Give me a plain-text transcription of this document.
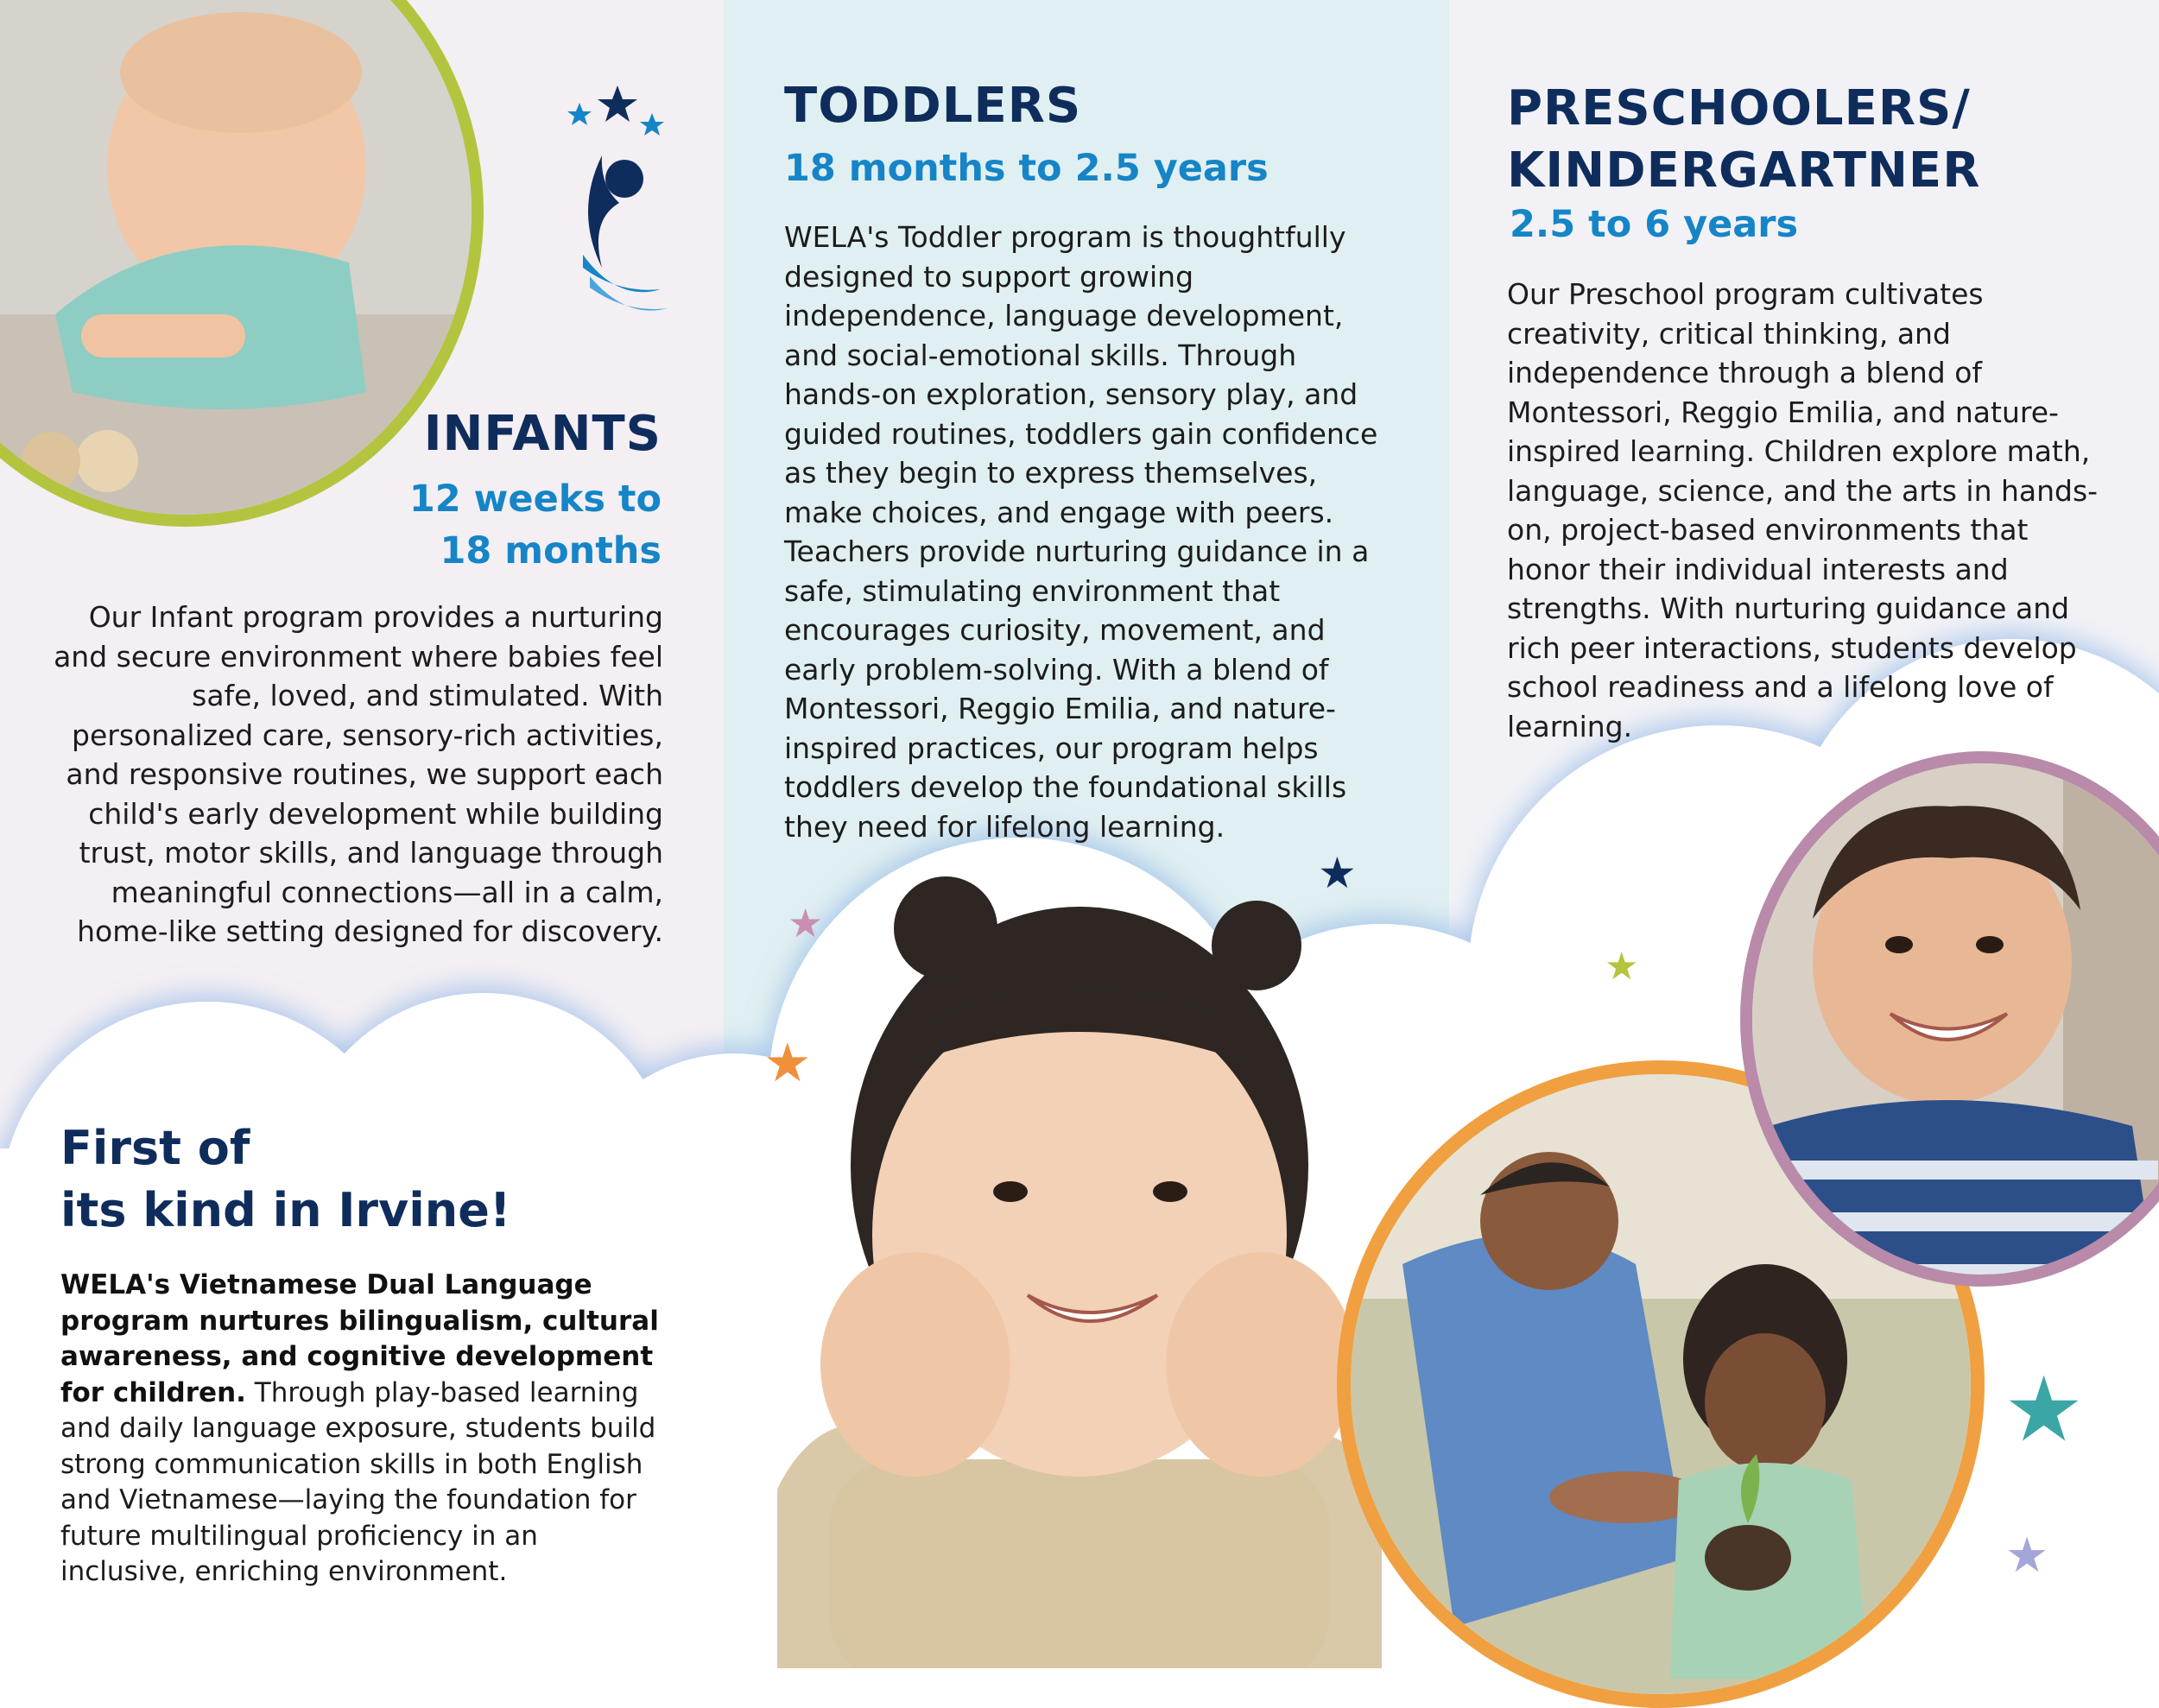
INFANTS
12 weeks to
18 months

Our Infant program provides a nurturing and secure environment where babies feel safe, loved, and stimulated. With personalized care, sensory-rich activities, and responsive routines, we support each child's early development while building trust, motor skills, and language through meaningful connections—all in a calm, home-like setting designed for discovery.

TODDLERS
18 months to 2.5 years

WELA's Toddler program is thoughtfully designed to support growing independence, language development, and social-emotional skills. Through hands-on exploration, sensory play, and guided routines, toddlers gain confidence as they begin to express themselves, make choices, and engage with peers. Teachers provide nurturing guidance in a safe, stimulating environment that encourages curiosity, movement, and early problem-solving. With a blend of Montessori, Reggio Emilia, and nature-inspired practices, our program helps toddlers develop the foundational skills they need for lifelong learning.

PRESCHOOLERS/
KINDERGARTNER
2.5 to 6 years

Our Preschool program cultivates creativity, critical thinking, and independence through a blend of Montessori, Reggio Emilia, and nature-inspired learning. Children explore math, language, science, and the arts in hands-on, project-based environments that honor their individual interests and strengths. With nurturing guidance and rich peer interactions, students develop school readiness and a lifelong love of learning.

First of
its kind in Irvine!

WELA's Vietnamese Dual Language program nurtures bilingualism, cultural awareness, and cognitive development for children. Through play-based learning and daily language exposure, students build strong communication skills in both English and Vietnamese—laying the foundation for future multilingual proficiency in an inclusive, enriching environment.

★
★
★
★
★
★
